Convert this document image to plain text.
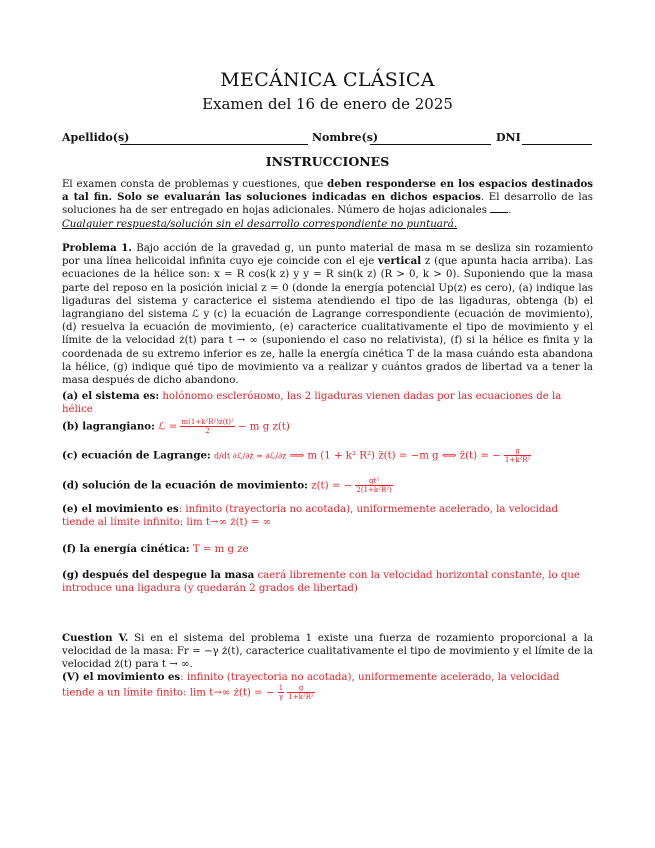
MECÁNICA CLÁSICA
Examen del 16 de enero de 2025
Apellido(s)	Nombre(s)	DNI
INSTRUCCIONES
El examen consta de problemas y cuestiones, que deben responderse en los espacios destinados a tal fin. Solo se evaluarán las soluciones indicadas en dichos espacios. El desarrollo de las soluciones ha de ser entregado en hojas adicionales. Número de hojas adicionales .
Cualquier respuesta/solución sin el desarrollo correspondiente no puntuará.
Problema 1. Bajo acción de la gravedad g, un punto material de masa m se desliza sin rozamiento por una línea helicoidal infinita cuyo eje coincide con el eje vertical z (que apunta hacia arriba). Las ecuaciones de la hélice son: x = R cos(k z) y y = R sin(k z) (R > 0, k > 0). Suponiendo que la masa parte del reposo en la posición inicial z = 0 (donde la energía potencial Up(z) es cero), (a) indique las ligaduras del sistema y caracterice el sistema atendiendo el tipo de las ligaduras, obtenga (b) el lagrangiano del sistema ℒ y (c) la ecuación de Lagrange correspondiente (ecuación de movimiento), (d) resuelva la ecuación de movimiento, (e) caracterice cualitativamente el tipo de movimiento y el límite de la velocidad ż(t) para t → ∞ (suponiendo el caso no relativista), (f) si la hélice es finita y la coordenada de su extremo inferior es ze, halle la energía cinética T de la masa cuándo esta abandona la hélice, (g) indique qué tipo de movimiento va a realizar y cuántos grados de libertad va a tener la masa después de dicho abandono.
(a) el sistema es: holónomo escleróномо, las 2 ligaduras vienen dadas por las ecuaciones de la hélice
(b) lagrangiano: ℒ = $\frac{\text{m(1+k²R²)ż(t)²}}{2} - m$ g z(t)
(c) ecuación de Lagrange: d/dt ∂ℒ/∂ż = ∂ℒ/∂z ⟹ m (1 + k² R²) z̈(t) = −m g ⟺ z̈(t) = − $\frac{g}{\text{1+k²R²}}$
(d) solución de la ecuación de movimiento: z(t) = − $\frac{\text{gt²}}{\text{2(1+k²R²)}}$
(e) el movimiento es: infinito (trayectoria no acotada), uniformemente acelerado, la velocidad tiende al límite infinito: lim t→∞ ż(t) = ∞
(f) la energía cinética: T = m g ze
(g) después del despegue la masa caerá libremente con la velocidad horizontal constante, lo que introduce una ligadura (y quedarán 2 grados de libertad)
Cuestion V. Si en el sistema del problema 1 existe una fuerza de rozamiento proporcional a la velocidad de la masa: Fr = −γ ż(t), caracterice cualitativamente el tipo de movimiento y el límite de la velocidad ż(t) para t → ∞.
(V) el movimiento es: infinito (trayectoria no acotada), uniformemente acelerado, la velocidad tiende a un límite finito: lim t→∞ ż(t) = − $\frac{1}{\gamma}$
$\frac{g}{\text{1+k²R²}}$
